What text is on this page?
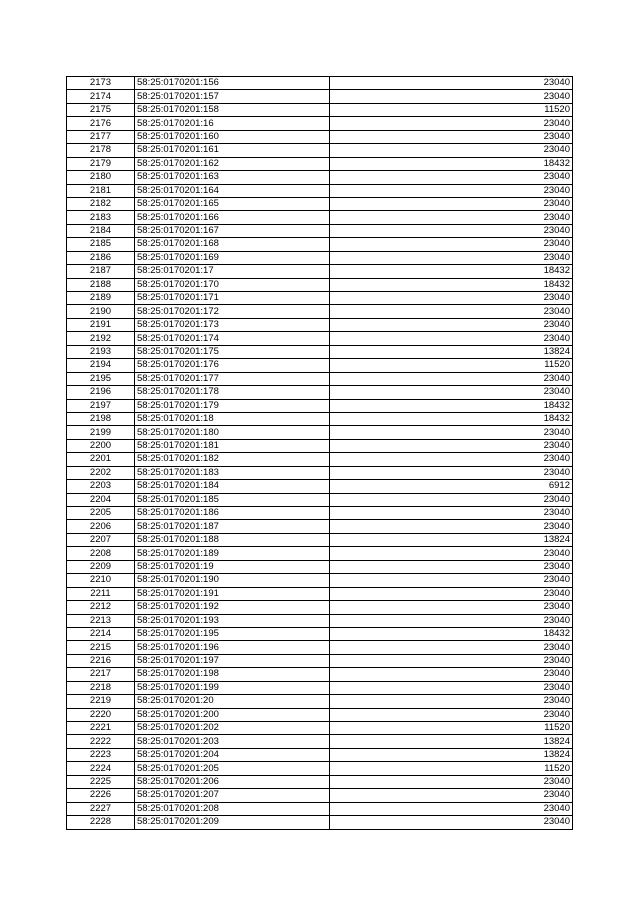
2173	58:25:0170201:156	23040
2174	58:25:0170201:157	23040
2175	58:25:0170201:158	11520
2176	58:25:0170201:16	23040
2177	58:25:0170201:160	23040
2178	58:25:0170201:161	23040
2179	58:25:0170201:162	18432
2180	58:25:0170201:163	23040
2181	58:25:0170201:164	23040
2182	58:25:0170201:165	23040
2183	58:25:0170201:166	23040
2184	58:25:0170201:167	23040
2185	58:25:0170201:168	23040
2186	58:25:0170201:169	23040
2187	58:25:0170201:17	18432
2188	58:25:0170201:170	18432
2189	58:25:0170201:171	23040
2190	58:25:0170201:172	23040
2191	58:25:0170201:173	23040
2192	58:25:0170201:174	23040
2193	58:25:0170201:175	13824
2194	58:25:0170201:176	11520
2195	58:25:0170201:177	23040
2196	58:25:0170201:178	23040
2197	58:25:0170201:179	18432
2198	58:25:0170201:18	18432
2199	58:25:0170201:180	23040
2200	58:25:0170201:181	23040
2201	58:25:0170201:182	23040
2202	58:25:0170201:183	23040
2203	58:25:0170201:184	6912
2204	58:25:0170201:185	23040
2205	58:25:0170201:186	23040
2206	58:25:0170201:187	23040
2207	58:25:0170201:188	13824
2208	58:25:0170201:189	23040
2209	58:25:0170201:19	23040
2210	58:25:0170201:190	23040
2211	58:25:0170201:191	23040
2212	58:25:0170201:192	23040
2213	58:25:0170201:193	23040
2214	58:25:0170201:195	18432
2215	58:25:0170201:196	23040
2216	58:25:0170201:197	23040
2217	58:25:0170201:198	23040
2218	58:25:0170201:199	23040
2219	58:25:0170201:20	23040
2220	58:25:0170201:200	23040
2221	58:25:0170201:202	11520
2222	58:25:0170201:203	13824
2223	58:25:0170201:204	13824
2224	58:25:0170201:205	11520
2225	58:25:0170201:206	23040
2226	58:25:0170201:207	23040
2227	58:25:0170201:208	23040
2228	58:25:0170201:209	23040
